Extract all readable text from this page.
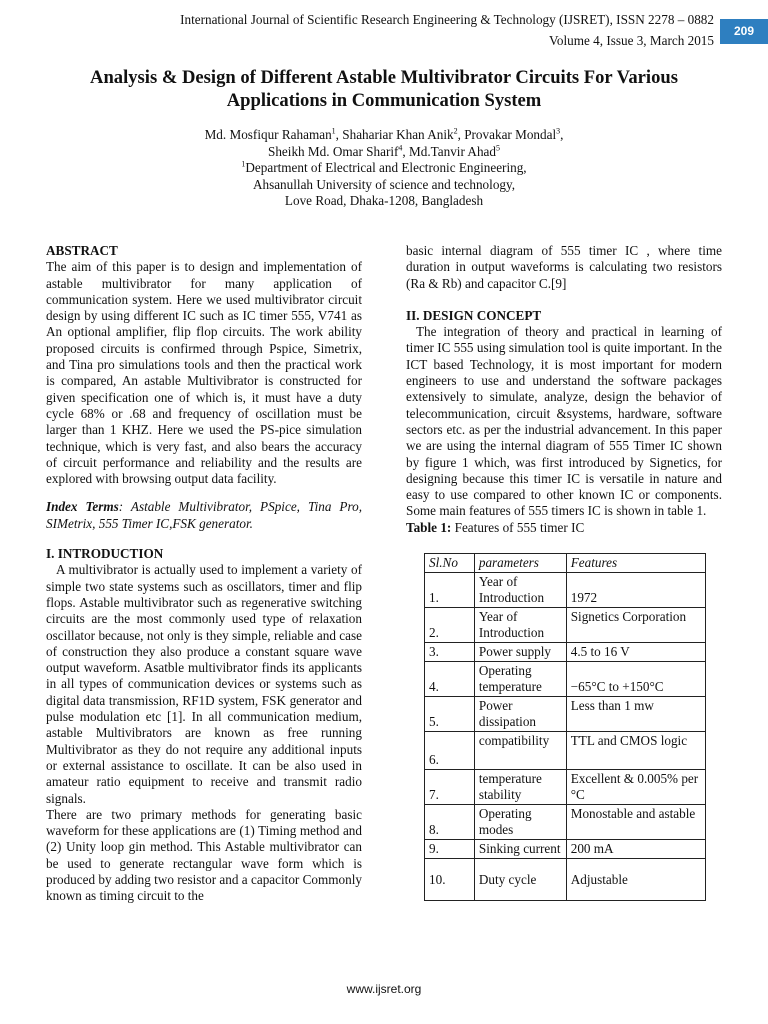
International Journal of Scientific Research Engineering & Technology (IJSRET), ISSN 2278 – 0882
Volume 4, Issue 3, March 2015
209
Analysis & Design of Different Astable Multivibrator Circuits For Various
Applications in Communication System
Md. Mosfiqur Rahaman$^1$, Shahariar Khan Anik$^2$, Provakar Mondal$^3$,
Sheikh Md. Omar Sharif$^4$, Md.Tanvir Ahad$^5$
$^1$Department of Electrical and Electronic Engineering,
Ahsanullah University of science and technology,
Love Road, Dhaka-1208, Bangladesh
ABSTRACT

The aim of this paper is to design and implementation of astable multivibrator for many application of communication system. Here we used multivibrator circuit design by using different IC such as IC timer 555, V741 as An optional amplifier, flip flop circuits. The work ability proposed circuits is confirmed through Pspice, Simetrix, and Tina pro simulations tools and then the practical work is compared, An astable Multivibrator is constructed for given specification one of which is, it must have a duty cycle 68% or .68 and frequency of oscillation must be larger than 1 KHZ. Here we used the PS-pice simulation technique, which is very fast, and also bears the accuracy of circuit performance and reliability and the results are explored with browsing output data facility.

Index Terms: Astable Multivibrator, PSpice, Tina Pro, SIMetrix, 555 Timer IC,FSK generator.

I. INTRODUCTION

A multivibrator is actually used to implement a variety of simple two state systems such as oscillators, timer and flip flops. Astable multivibrator such as regenerative switching circuits are the most commonly used type of relaxation oscillator because, not only is they simple, reliable and case of construction they also produce a constant square wave output waveform. Asatble multivibrator finds its applicants in all types of communication devices or systems such as digital data transmission, RF1D system, FSK generator and pulse modulation etc [1]. In all communication medium, astable Multivibrators are known as free running Multivibrator as they do not require any additional inputs or external assistance to oscillate. It can be also used in amateur ratio equipment to receive and transmit radio signals.

There are two primary methods for generating basic waveform for these applications are (1) Timing method and (2) Unity loop gin method. This Astable multivibrator can be used to generate rectangular wave form which is produced by adding two resistor and a capacitor Commonly known as timing circuit to the

basic internal diagram of 555 timer IC , where time duration in output waveforms is calculating two resistors (Ra & Rb) and capacitor C.[9]

II. DESIGN CONCEPT

The integration of theory and practical in learning of timer IC 555 using simulation tool is quite important. In the ICT based Technology, it is most important for modern engineers to use and understand the software packages extensively to simulate, analyze, design the behavior of telecommunication, circuit &systems, hardware, software sectors etc. as per the industrial advancement. In this paper we are using the internal diagram of 555 Timer IC shown by figure 1 which, was first introduced by Signetics, for designing because this timer IC is versatile in nature and easy to use compared to other known IC or components. Some main features of 555 timers IC is shown in table 1.

Table 1: Features of 555 timer IC
Sl.No	parameters	Features
1.	Year of Introduction	1972
2.	Year of Introduction	Signetics Corporation
3.	Power supply	4.5 to 16 V
4.	Operating temperature	−65°C to +150°C
5.	Power dissipation	Less than 1 mw
6.	compatibility	TTL and CMOS logic
7.	temperature stability	Excellent & 0.005% per °C
8.	Operating modes	Monostable and astable
9.	Sinking current	200 mA
10.	Duty cycle	Adjustable
www.ijsret.org
